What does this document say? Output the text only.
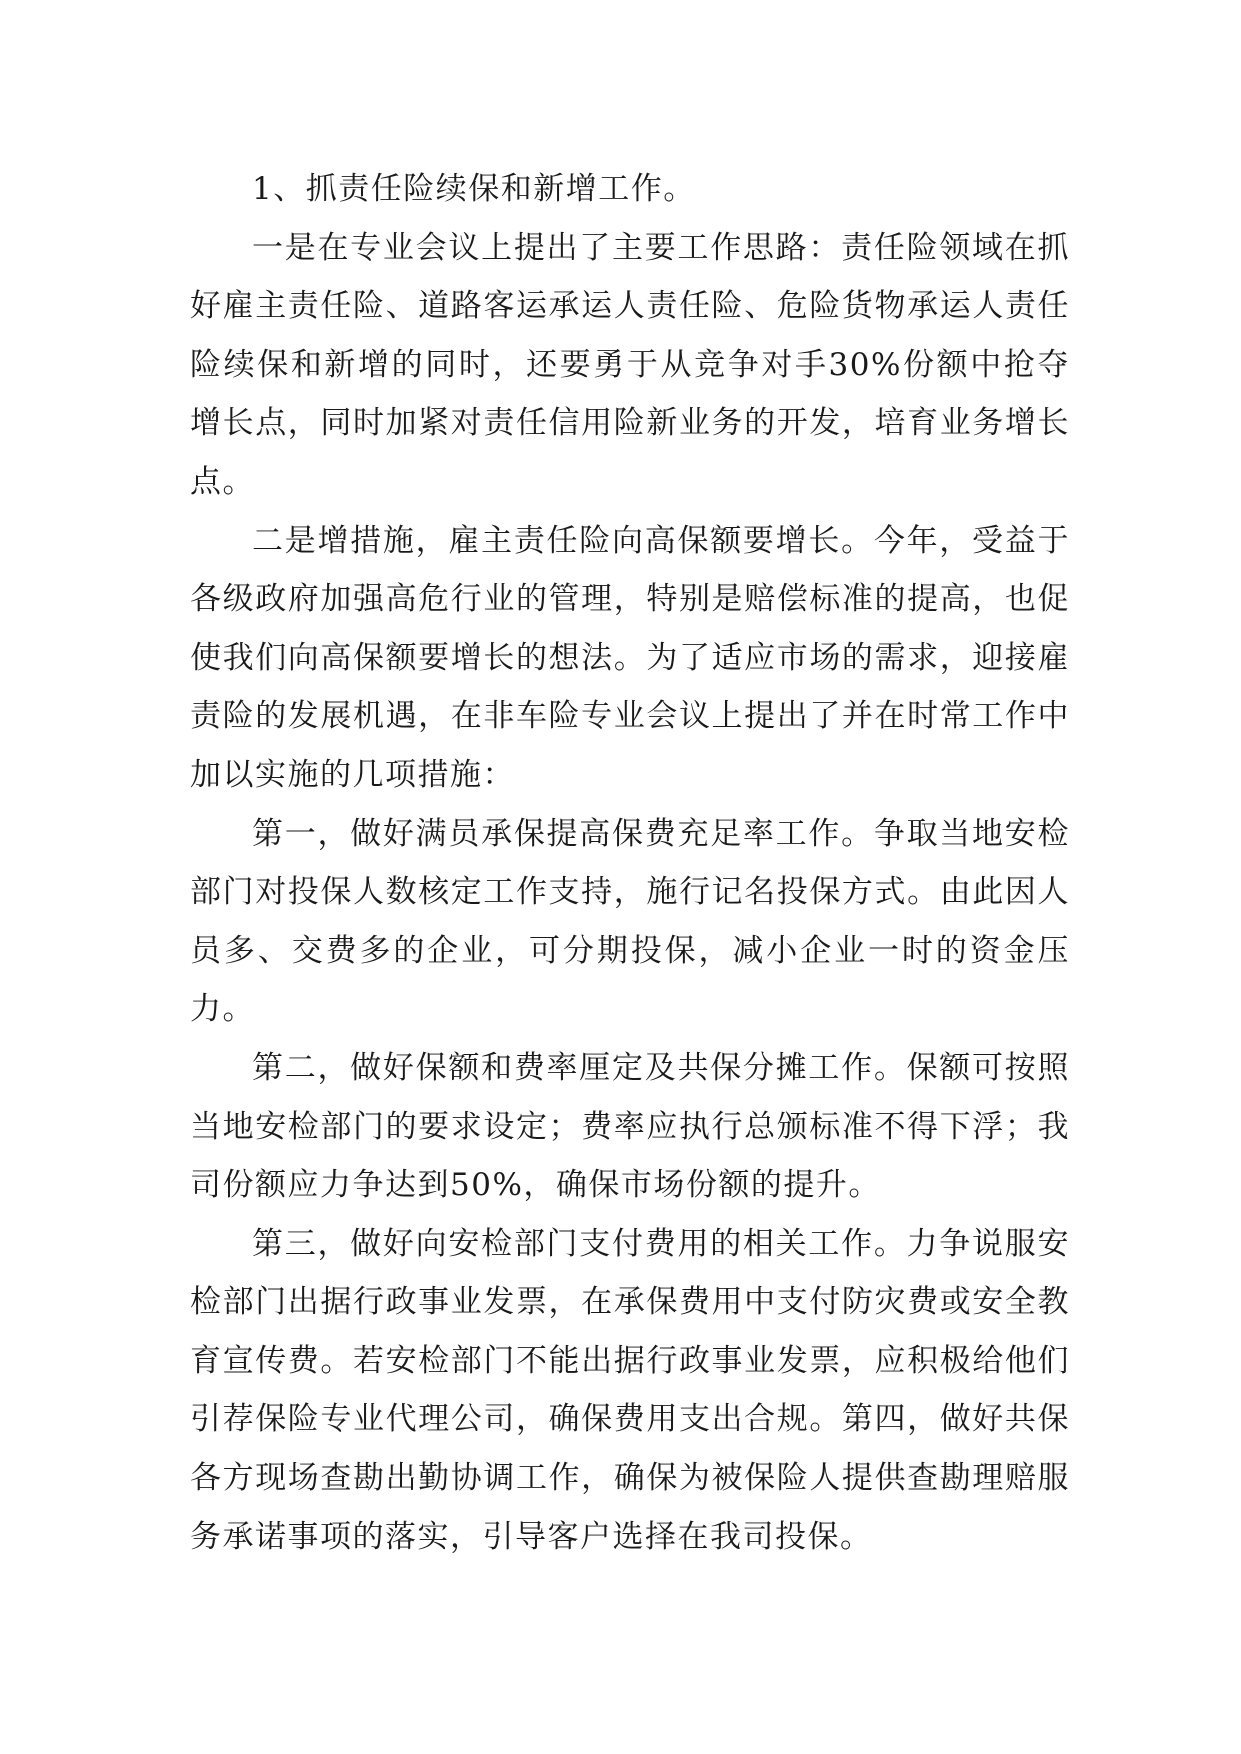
1、抓责任险续保和新增工作。

一是在专业会议上提出了主要工作思路：责任险领域在抓好雇主责任险、道路客运承运人责任险、危险货物承运人责任险续保和新增的同时，还要勇于从竞争对手30%份额中抢夺增长点，同时加紧对责任信用险新业务的开发，培育业务增长点。

二是增措施，雇主责任险向高保额要增长。今年，受益于各级政府加强高危行业的管理，特别是赔偿标准的提高，也促使我们向高保额要增长的想法。为了适应市场的需求，迎接雇责险的发展机遇，在非车险专业会议上提出了并在时常工作中加以实施的几项措施：

第一，做好满员承保提高保费充足率工作。争取当地安检部门对投保人数核定工作支持，施行记名投保方式。由此因人员多、交费多的企业，可分期投保，减小企业一时的资金压力。

第二，做好保额和费率厘定及共保分摊工作。保额可按照当地安检部门的要求设定；费率应执行总颁标准不得下浮；我司份额应力争达到50%，确保市场份额的提升。

第三，做好向安检部门支付费用的相关工作。力争说服安检部门出据行政事业发票，在承保费用中支付防灾费或安全教育宣传费。若安检部门不能出据行政事业发票，应积极给他们引荐保险专业代理公司，确保费用支出合规。第四，做好共保各方现场查勘出勤协调工作，确保为被保险人提供查勘理赔服务承诺事项的落实，引导客户选择在我司投保。
